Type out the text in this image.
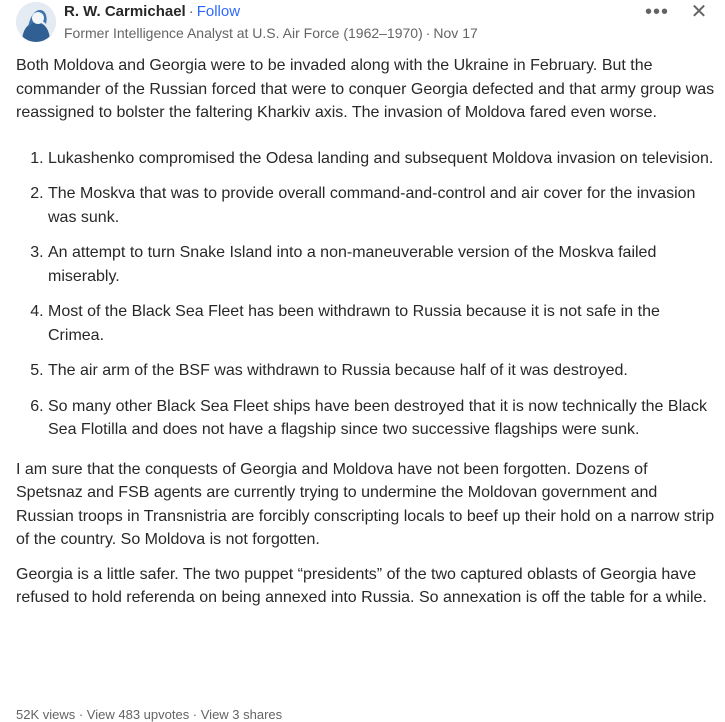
R. W. Carmichael · Follow
Former Intelligence Analyst at U.S. Air Force (1962–1970) · Nov 17
••• ✕

Both Moldova and Georgia were to be invaded along with the Ukraine in February. But the commander of the Russian forced that were to conquer Georgia defected and that army group was reassigned to bolster the faltering Kharkiv axis. The invasion of Moldova fared even worse.

1. Lukashenko compromised the Odesa landing and subsequent Moldova invasion on television.
2. The Moskva that was to provide overall command-and-control and air cover for the invasion was sunk.
3. An attempt to turn Snake Island into a non-maneuverable version of the Moskva failed miserably.
4. Most of the Black Sea Fleet has been withdrawn to Russia because it is not safe in the Crimea.
5. The air arm of the BSF was withdrawn to Russia because half of it was destroyed.
6. So many other Black Sea Fleet ships have been destroyed that it is now technically the Black Sea Flotilla and does not have a flagship since two successive flagships were sunk.

I am sure that the conquests of Georgia and Moldova have not been forgotten. Dozens of Spetsnaz and FSB agents are currently trying to undermine the Moldovan government and Russian troops in Transnistria are forcibly conscripting locals to beef up their hold on a narrow strip of the country. So Moldova is not forgotten.

Georgia is a little safer. The two puppet “presidents” of the two captured oblasts of Georgia have refused to hold referenda on being annexed into Russia. So annexation is off the table for a while.

52K views · View 483 upvotes · View 3 shares
